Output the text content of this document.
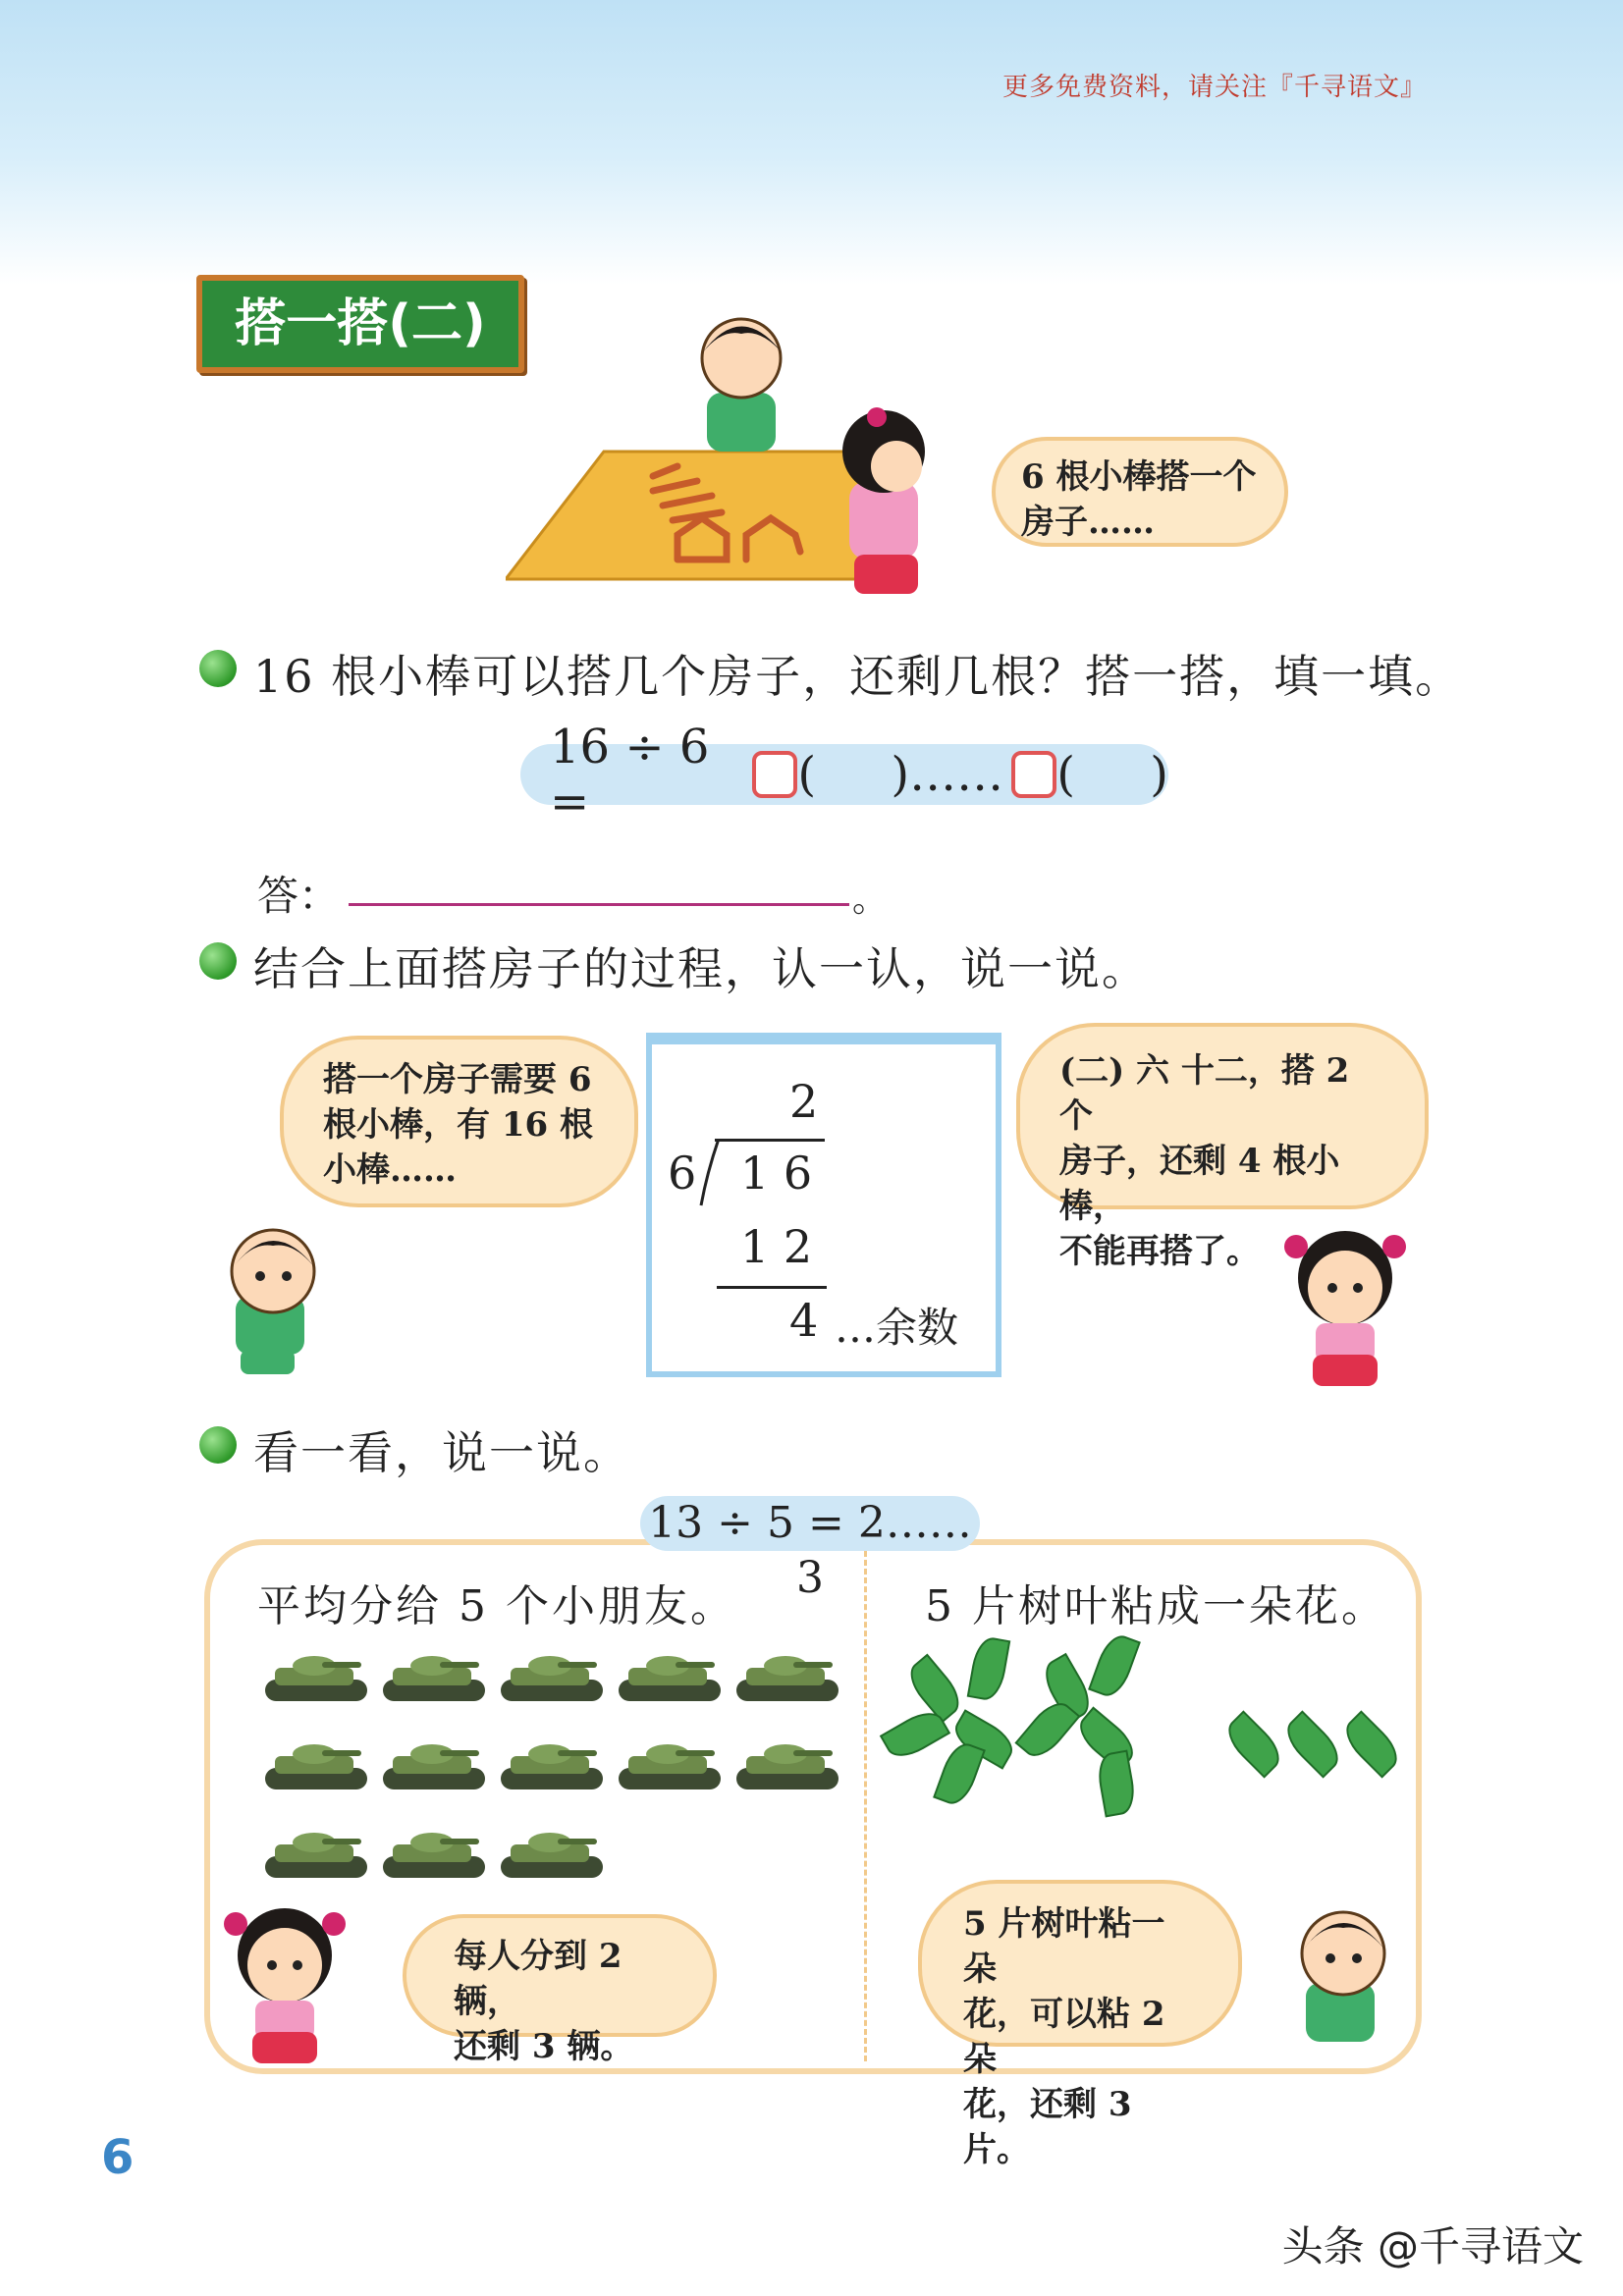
更多免费资料，请关注『千寻语文』
搭一搭(二)
6 根小棒搭一个
房子……
16 根小棒可以搭几个房子，还剩几根？搭一搭，填一填。
16 ÷ 6 =	(     ) …… (     )
答：	。
结合上面搭房子的过程，认一认，说一说。
搭一个房子需要 6
根小棒，有 16 根
小棒……
(二) 六 十二，搭 2 个
房子，还剩 4 根小棒，
不能再搭了。
2
6 1 6
1 2
4 …余数
看一看，说一说。
13 ÷ 5 = 2……3
平均分给 5 个小朋友。	5 片树叶粘成一朵花。
每人分到 2 辆，
还剩 3 辆。
5 片树叶粘一朵
花，可以粘 2 朵
花，还剩 3 片。
6
头条 @千寻语文
